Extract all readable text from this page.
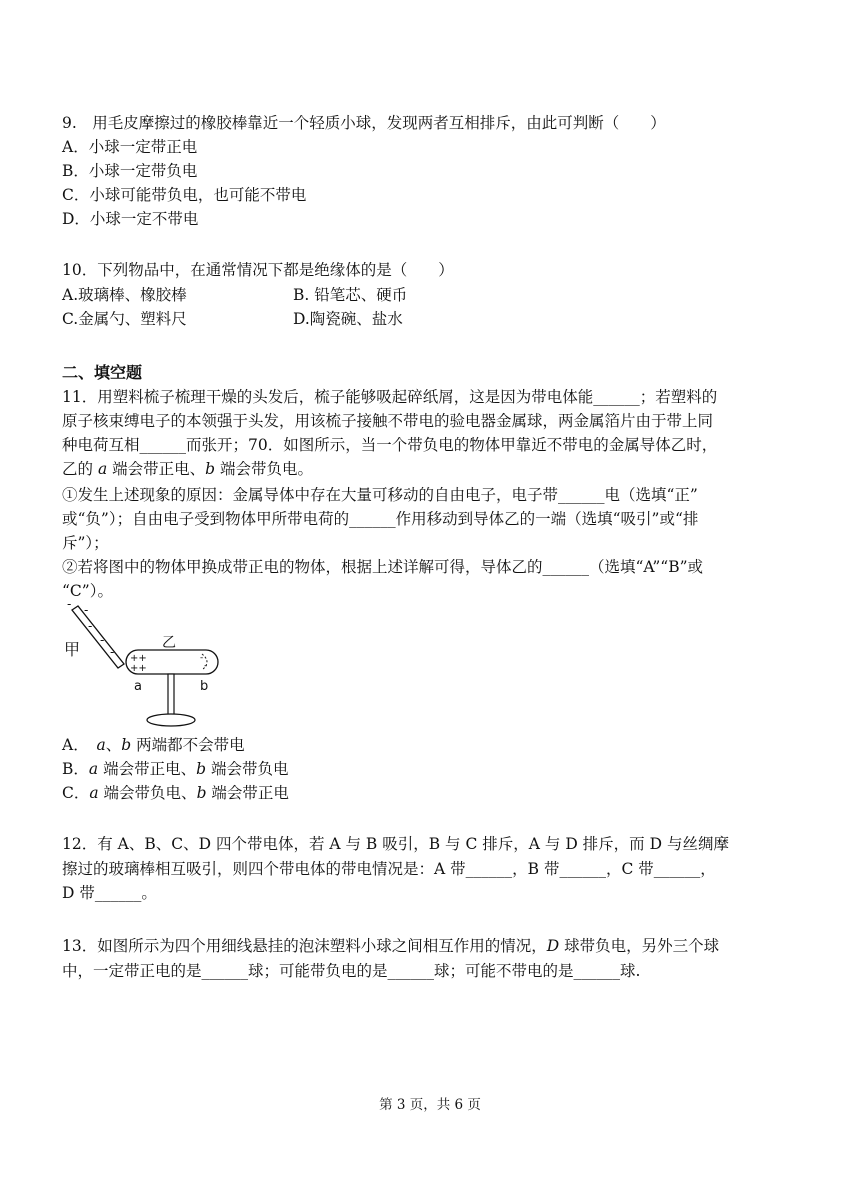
9.　用毛皮摩擦过的橡胶棒靠近一个轻质小球，发现两者互相排斥，由此可判断（　　）
A．小球一定带正电
B．小球一定带负电
C．小球可能带负电，也可能不带电
D．小球一定不带电
10．下列物品中，在通常情况下都是绝缘体的是（　　）
A.玻璃棒、橡胶棒	B. 铅笔芯、硬币
C.金属勺、塑料尺	D.陶瓷碗、盐水
二、填空题
11．用塑料梳子梳理干燥的头发后，梳子能够吸起碎纸屑，这是因为带电体能______；若塑料的
原子核束缚电子的本领强于头发，用该梳子接触不带电的验电器金属球，两金属箔片由于带上同
种电荷互相______而张开；70．如图所示，当一个带负电的物体甲靠近不带电的金属导体乙时，
乙的 a 端会带正电、b 端会带负电。
①发生上述现象的原因：金属导体中存在大量可移动的自由电子，电子带______电（选填“正”
或“负”）；自由电子受到物体甲所带电荷的______作用移动到导体乙的一端（选填“吸引”或“排
斥”）；
②若将图中的物体甲换成带正电的物体，根据上述详解可得，导体乙的______（选填“A”“B”或
“C”）。
- -
-
-
-
甲	乙
++
++
-
-
a	b
A．　a、b 两端都不会带电
B．a 端会带正电、b 端会带负电
C．a 端会带负电、b 端会带正电
12．有 A、B、C、D 四个带电体，若 A 与 B 吸引，B 与 C 排斥，A 与 D 排斥，而 D 与丝绸摩
擦过的玻璃棒相互吸引，则四个带电体的带电情况是：A 带______，B 带______，C 带______，
D 带______。
13．如图所示为四个用细线悬挂的泡沫塑料小球之间相互作用的情况，D 球带负电，另外三个球
中，一定带正电的是______球；可能带负电的是______球；可能不带电的是______球.
第 3 页，共 6 页
